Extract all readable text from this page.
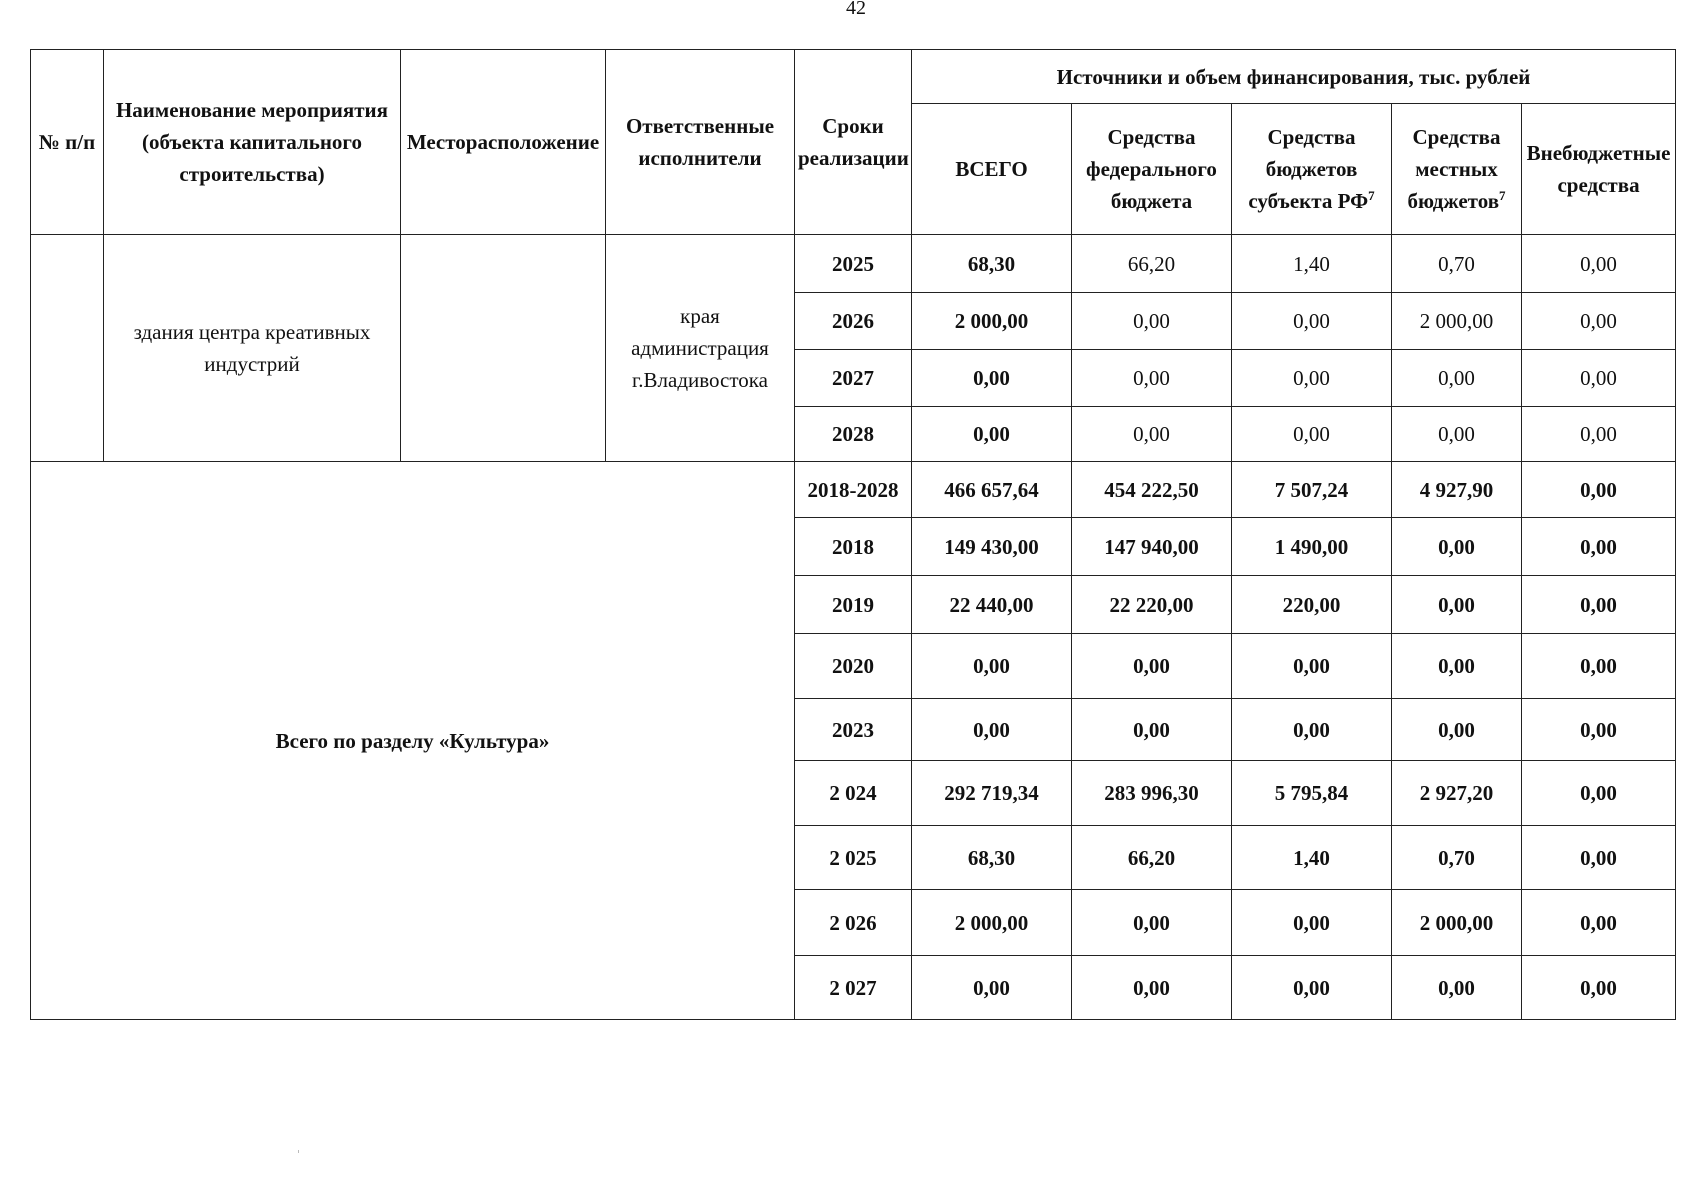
42
№ п/п	Наименование мероприятия (объекта капитального строительства)	Месторасположение	Ответственные исполнители	Сроки реализации	Источники и объем финансирования, тыс. рублей				
					ВСЕГО	Средства федерального бюджета	Средства бюджетов субъекта $РФ^7$	Средства местных бюджетов$^7$	Внебюджетные средства
	здания центра креативных индустрий		края администрация г.Владивостока	2025	68,30	66,20	1,40	0,70	0,00
				2026	2 000,00	0,00	0,00	2 000,00	0,00
				2027	0,00	0,00	0,00	0,00	0,00
				2028	0,00	0,00	0,00	0,00	0,00
Всего по разделу «Культура»				2018-2028	466 657,64	454 222,50	7 507,24	4 927,90	0,00
				2018	149 430,00	147 940,00	1 490,00	0,00	0,00
				2019	22 440,00	22 220,00	220,00	0,00	0,00
				2020	0,00	0,00	0,00	0,00	0,00
				2023	0,00	0,00	0,00	0,00	0,00
				2 024	292 719,34	283 996,30	5 795,84	2 927,20	0,00
				2 025	68,30	66,20	1,40	0,70	0,00
				2 026	2 000,00	0,00	0,00	2 000,00	0,00
				2 027	0,00	0,00	0,00	0,00	0,00
